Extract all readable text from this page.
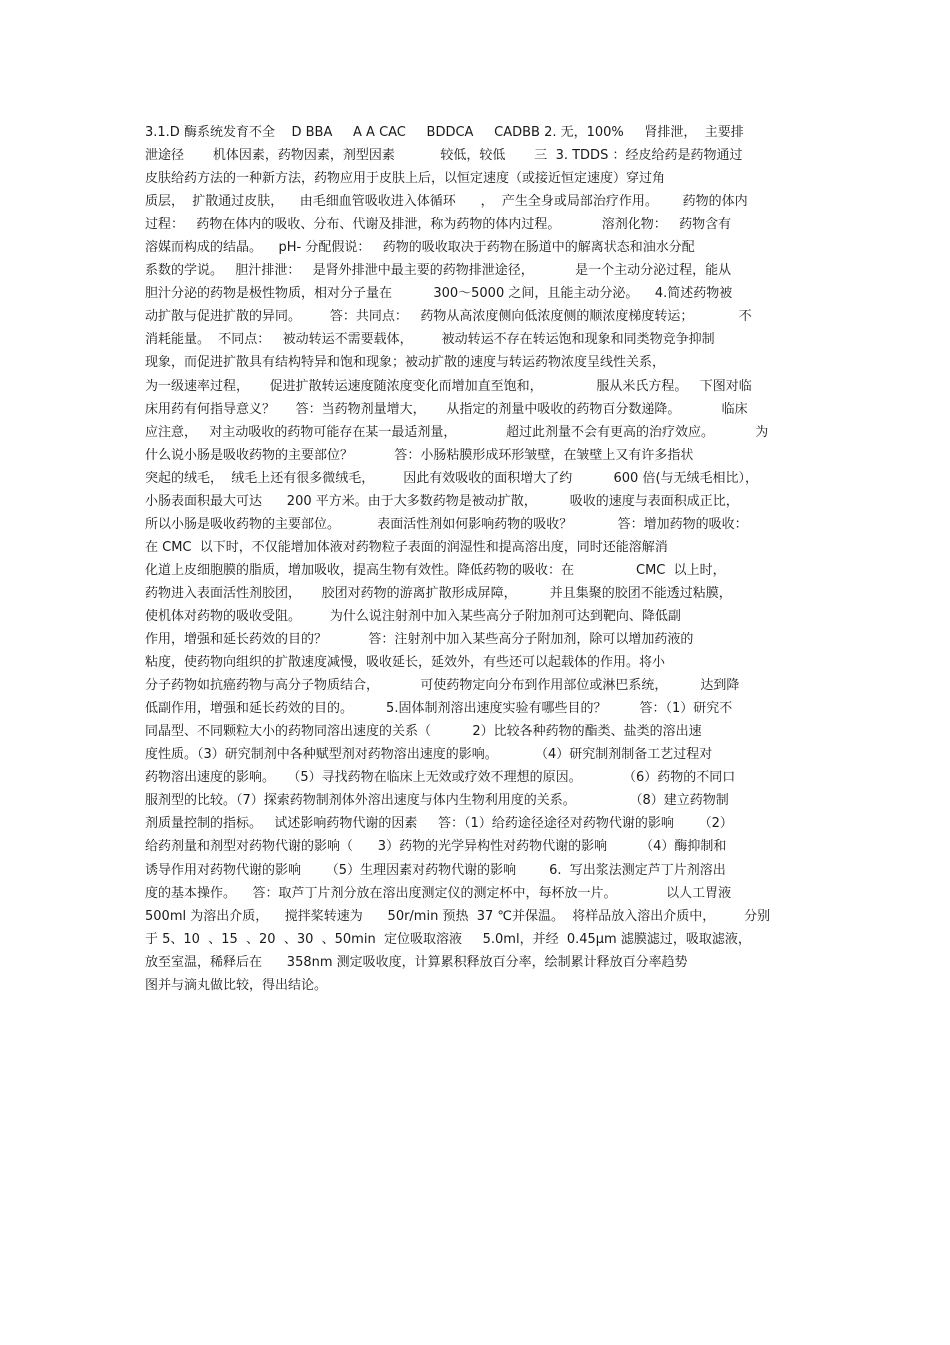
3.1.D 酶系统发育不全    D BBA     A A CAC     BDDCA     CADBB 2. 无，100%     肾排泄，  主要排
泄途径       机体因素，药物因素，剂型因素           较低，较低       三  3. TDDS ：经皮给药是药物通过
皮肤给药方法的一种新方法，药物应用于皮肤上后，以恒定速度（或接近恒定速度）穿过角
质层，  扩散通过皮肤，    由毛细血管吸收进入体循环      ，  产生全身或局部治疗作用。      药物的体内
过程：   药物在体内的吸收、分布、代谢及排泄，称为药物的体内过程。          溶剂化物：   药物含有
溶媒而构成的结晶。    pH- 分配假说：   药物的吸收取决于药物在肠道中的解离状态和油水分配
系数的学说。   胆汁排泄：   是肾外排泄中最主要的药物排泄途径，          是一个主动分泌过程，能从
胆汁分泌的药物是极性物质，相对分子量在          300～5000 之间，且能主动分泌。    4.简述药物被
动扩散与促进扩散的异同。       答：共同点：   药物从高浓度侧向低浓度侧的顺浓度梯度转运；           不
消耗能量。  不同点：   被动转运不需要载体，       被动转运不存在转运饱和现象和同类物竞争抑制
现象，而促进扩散具有结构特异和饱和现象；被动扩散的速度与转运药物浓度呈线性关系，
为一级速率过程，     促进扩散转运速度随浓度变化而增加直至饱和，             服从米氏方程。   下图对临
床用药有何指导意义？     答：当药物剂量增大，     从指定的剂量中吸收的药物百分数递降。          临床
应注意，   对主动吸收的药物可能存在某一最适剂量，            超过此剂量不会有更高的治疗效应。          为
什么说小肠是吸收药物的主要部位？          答：小肠粘膜形成环形皱壁，在皱壁上又有许多指状
突起的绒毛，  绒毛上还有很多微绒毛，       因此有效吸收的面积增大了约          600 倍(与无绒毛相比），
小肠表面积最大可达      200 平方米。由于大多数药物是被动扩散，        吸收的速度与表面积成正比，
所以小肠是吸收药物的主要部位。         表面活性剂如何影响药物的吸收？           答：增加药物的吸收：
在 CMC  以下时，不仅能增加体液对药物粒子表面的润湿性和提高溶出度，同时还能溶解消
化道上皮细胞膜的脂质，增加吸收，提高生物有效性。降低药物的吸收：在               CMC  以上时，
药物进入表面活性剂胶团，     胶团对药物的游离扩散形成屏障，        并且集聚的胶团不能透过粘膜，
使机体对药物的吸收受阻。       为什么说注射剂中加入某些高分子附加剂可达到靶向、降低副
作用，增强和延长药效的目的？          答：注射剂中加入某些高分子附加剂，除可以增加药液的
粘度，使药物向组织的扩散速度减慢，吸收延长，延效外，有些还可以起载体的作用。将小
分子药物如抗癌药物与高分子物质结合，          可使药物定向分布到作用部位或淋巴系统，        达到降
低副作用，增强和延长药效的目的。        5.固体制剂溶出速度实验有哪些目的？        答：（1）研究不
同晶型、不同颗粒大小的药物同溶出速度的关系（          2）比较各种药物的酯类、盐类的溶出速
度性质。（3）研究制剂中各种赋型剂对药物溶出速度的影响。         （4）研究制剂制备工艺过程对
药物溶出速度的影响。   （5）寻找药物在临床上无效或疗效不理想的原因。          （6）药物的不同口
服剂型的比较。（7）探索药物制剂体外溶出速度与体内生物利用度的关系。             （8）建立药物制
剂质量控制的指标。   试述影响药物代谢的因素     答：（1）给药途径途径对药物代谢的影响      （2）
给药剂量和剂型对药物代谢的影响（      3）药物的光学异构性对药物代谢的影响        （4）酶抑制和
诱导作用对药物代谢的影响      （5）生理因素对药物代谢的影响        6.  写出浆法测定芦丁片剂溶出
度的基本操作。    答：取芦丁片剂分放在溶出度测定仪的测定杯中，每杯放一片。            以人工胃液
500ml 为溶出介质，    搅拌桨转速为      50r/min 预热  37 ℃并保温。  将样品放入溶出介质中，       分别
于 5、10  、15  、20  、30  、50min  定位吸取溶液     5.0ml，并经  0.45μm 滤膜滤过，吸取滤液，
放至室温，稀释后在      358nm 测定吸收度，计算累积释放百分率，绘制累计释放百分率趋势
图并与滴丸做比较，得出结论。
